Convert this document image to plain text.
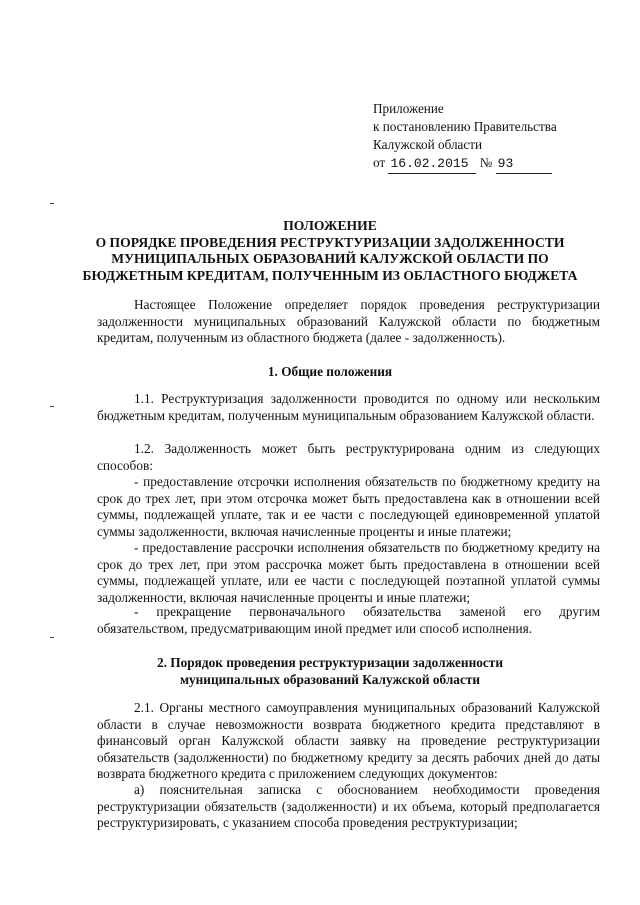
Приложение
к постановлению Правительства
Калужской области
от 16.02.2015 № 93
ПОЛОЖЕНИЕ
О ПОРЯДКЕ ПРОВЕДЕНИЯ РЕСТРУКТУРИЗАЦИИ ЗАДОЛЖЕННОСТИ
МУНИЦИПАЛЬНЫХ ОБРАЗОВАНИЙ КАЛУЖСКОЙ ОБЛАСТИ ПО
БЮДЖЕТНЫМ КРЕДИТАМ, ПОЛУЧЕННЫМ ИЗ ОБЛАСТНОГО БЮДЖЕТА
Настоящее Положение определяет порядок проведения реструктуризации задолженности муниципальных образований Калужской области по бюджетным кредитам, полученным из областного бюджета (далее - задолженность).
1. Общие положения
1.1. Реструктуризация задолженности проводится по одному или нескольким бюджетным кредитам, полученным муниципальным образованием Калужской области.
1.2. Задолженность может быть реструктурирована одним из следующих способов:
- предоставление отсрочки исполнения обязательств по бюджетному кредиту на срок до трех лет, при этом отсрочка может быть предоставлена как в отношении всей суммы, подлежащей уплате, так и ее части с последующей единовременной уплатой суммы задолженности, включая начисленные проценты и иные платежи;
- предоставление рассрочки исполнения обязательств по бюджетному кредиту на срок до трех лет, при этом рассрочка может быть предоставлена в отношении всей суммы, подлежащей уплате, или ее части с последующей поэтапной уплатой суммы задолженности, включая начисленные проценты и иные платежи;
- прекращение первоначального обязательства заменой его другим обязательством, предусматривающим иной предмет или способ исполнения.
2. Порядок проведения реструктуризации задолженности
муниципальных образований Калужской области
2.1. Органы местного самоуправления муниципальных образований Калужской области в случае невозможности возврата бюджетного кредита представляют в финансовый орган Калужской области заявку на проведение реструктуризации обязательств (задолженности) по бюджетному кредиту за десять рабочих дней до даты возврата бюджетного кредита с приложением следующих документов:
а) пояснительная записка с обоснованием необходимости проведения реструктуризации обязательств (задолженности) и их объема, который предполагается реструктуризировать, с указанием способа проведения реструктуризации;
